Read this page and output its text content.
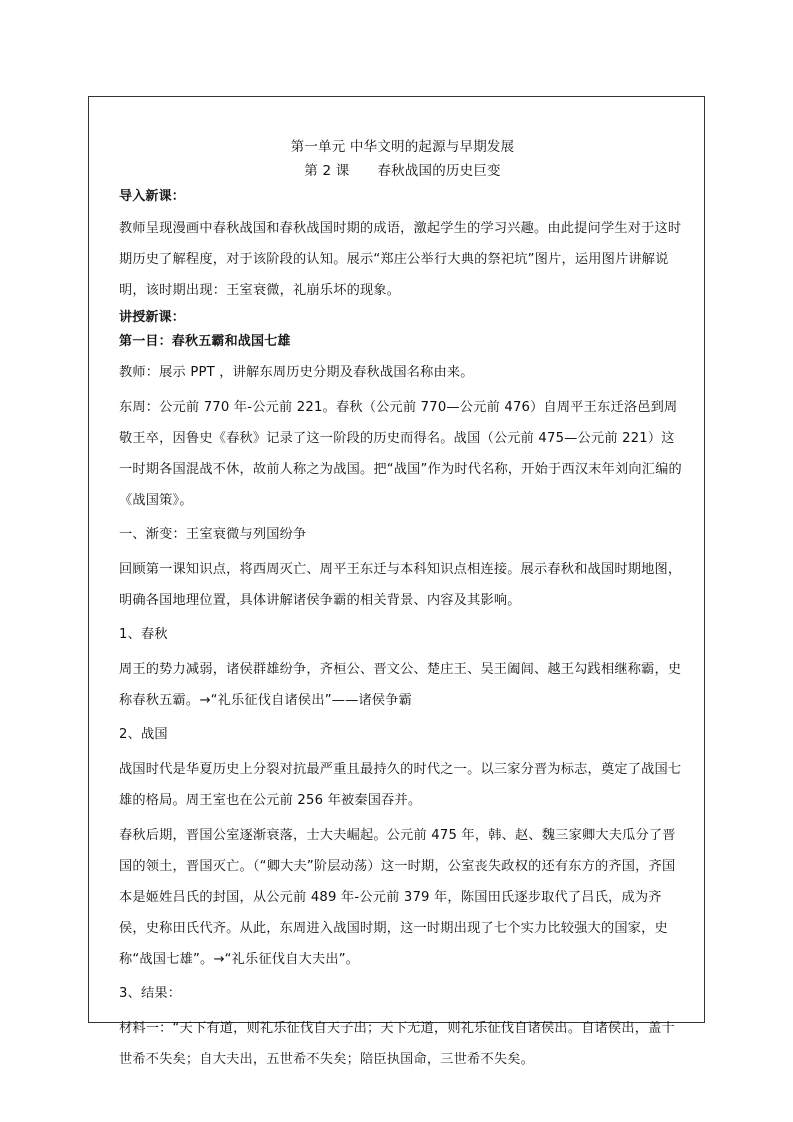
第一单元 中华文明的起源与早期发展

第 2 课 春秋战国的历史巨变

导入新课：

教师呈现漫画中春秋战国和春秋战国时期的成语，激起学生的学习兴趣。由此提问学生对于这时期历史了解程度，对于该阶段的认知。展示“郑庄公举行大典的祭祀坑”图片，运用图片讲解说明，该时期出现：王室衰微，礼崩乐坏的现象。

讲授新课：

第一目：春秋五霸和战国七雄

教师：展示 PPT ，讲解东周历史分期及春秋战国名称由来。

东周：公元前 770 年-公元前 221。春秋（公元前 770—公元前 476）自周平王东迁洛邑到周敬王卒，因鲁史《春秋》记录了这一阶段的历史而得名。战国（公元前 475—公元前 221）这一时期各国混战不休，故前人称之为战国。把“战国”作为时代名称，开始于西汉末年刘向汇编的《战国策》。

一、渐变：王室衰微与列国纷争

回顾第一课知识点，将西周灭亡、周平王东迁与本科知识点相连接。展示春秋和战国时期地图，明确各国地理位置，具体讲解诸侯争霸的相关背景、内容及其影响。

1、春秋

周王的势力减弱，诸侯群雄纷争，齐桓公、晋文公、楚庄王、吴王阖闾、越王勾践相继称霸，史称春秋五霸。→“礼乐征伐自诸侯出”——诸侯争霸

2、战国

战国时代是华夏历史上分裂对抗最严重且最持久的时代之一。以三家分晋为标志，奠定了战国七雄的格局。周王室也在公元前 256 年被秦国吞并。

春秋后期，晋国公室逐渐衰落，士大夫崛起。公元前 475 年，韩、赵、魏三家卿大夫瓜分了晋国的领土，晋国灭亡。（“卿大夫”阶层动荡）这一时期，公室丧失政权的还有东方的齐国，齐国本是姬姓吕氏的封国，从公元前 489 年-公元前 379 年，陈国田氏逐步取代了吕氏，成为齐侯，史称田氏代齐。从此，东周进入战国时期，这一时期出现了七个实力比较强大的国家，史称“战国七雄”。→“礼乐征伐自大夫出”。

3、结果：

材料一：“天下有道，则礼乐征伐自天子出；天下无道，则礼乐征伐自诸侯出。自诸侯出，盖十世希不失矣；自大夫出，五世希不失矣；陪臣执国命，三世希不失矣。
